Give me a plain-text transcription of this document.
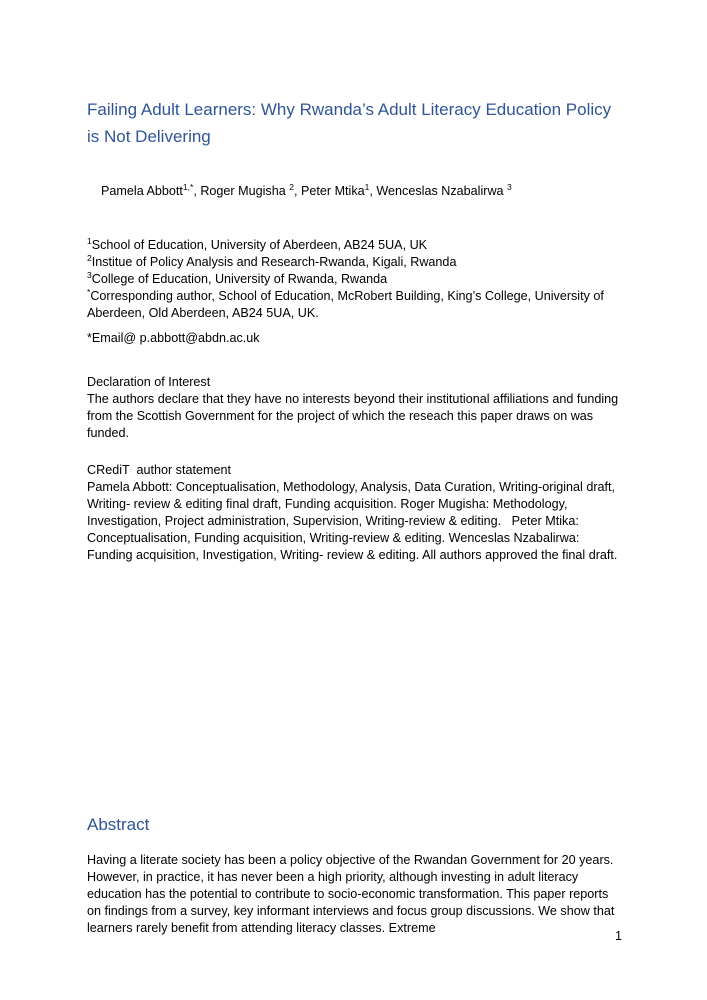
Failing Adult Learners: Why Rwanda’s Adult Literacy Education Policy is Not Delivering

Pamela Abbott$^{1,*}$, Roger Mugisha $^2$, Peter Mtika$^1$, Wenceslas Nzabalirwa $^3$

$^1$School of Education, University of Aberdeen, AB24 5UA, UK
$^2$Institue of Policy Analysis and Research-Rwanda, Kigali, Rwanda
$^3$College of Education, University of Rwanda, Rwanda
*Corresponding author, School of Education, McRobert Building, King’s College, University of Aberdeen, Old Aberdeen, AB24 5UA, UK.
*Email@ p.abbott@abdn.ac.uk
Declaration of Interest
The authors declare that they have no interests beyond their institutional affiliations and funding from the Scottish Government for the project of which the reseach this paper draws on was funded.
CRediT  author statement
Pamela Abbott: Conceptualisation, Methodology, Analysis, Data Curation, Writing-original draft, Writing- review & editing final draft, Funding acquisition. Roger Mugisha: Methodology, Investigation, Project administration, Supervision, Writing-review & editing.   Peter Mtika: Conceptualisation, Funding acquisition, Writing-review & editing. Wenceslas Nzabalirwa: Funding acquisition, Investigation, Writing- review & editing. All authors approved the final draft.
Abstract
Having a literate society has been a policy objective of the Rwandan Government for 20 years. However, in practice, it has never been a high priority, although investing in adult literacy education has the potential to contribute to socio-economic transformation. This paper reports on findings from a survey, key informant interviews and focus group discussions. We show that learners rarely benefit from attending literacy classes. Extreme
1
